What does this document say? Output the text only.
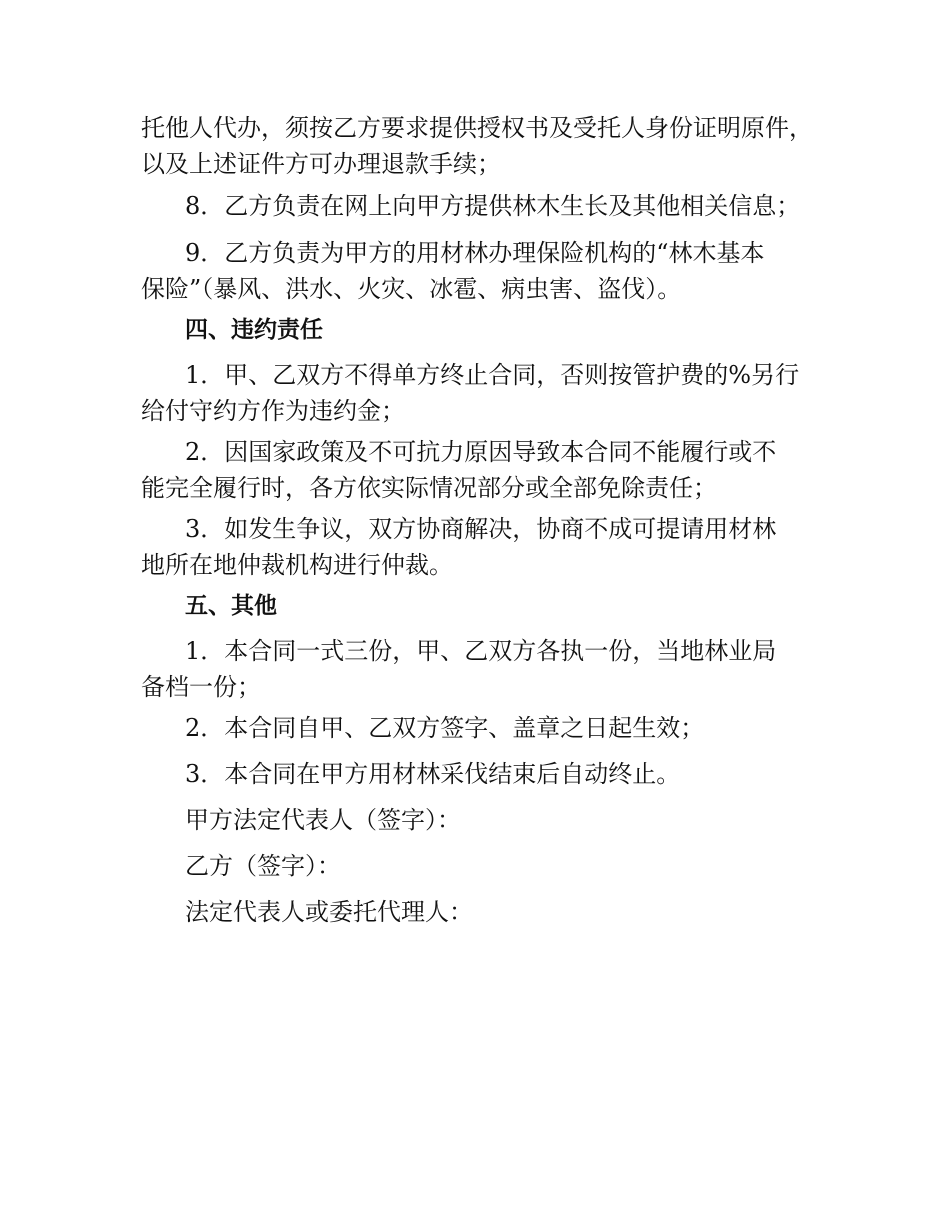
托他人代办，须按乙方要求提供授权书及受托人身份证明原件，
以及上述证件方可办理退款手续；
8．乙方负责在网上向甲方提供林木生长及其他相关信息；
9．乙方负责为甲方的用材林办理保险机构的“林木基本
保险”（暴风、洪水、火灾、冰雹、病虫害、盗伐）。
四、违约责任
1．甲、乙双方不得单方终止合同，否则按管护费的%另行
给付守约方作为违约金；
2．因国家政策及不可抗力原因导致本合同不能履行或不
能完全履行时，各方依实际情况部分或全部免除责任；
3．如发生争议，双方协商解决，协商不成可提请用材林
地所在地仲裁机构进行仲裁。
五、其他
1．本合同一式三份，甲、乙双方各执一份，当地林业局
备档一份；
2．本合同自甲、乙双方签字、盖章之日起生效；
3．本合同在甲方用材林采伐结束后自动终止。
甲方法定代表人（签字）：
乙方（签字）：
法定代表人或委托代理人：
